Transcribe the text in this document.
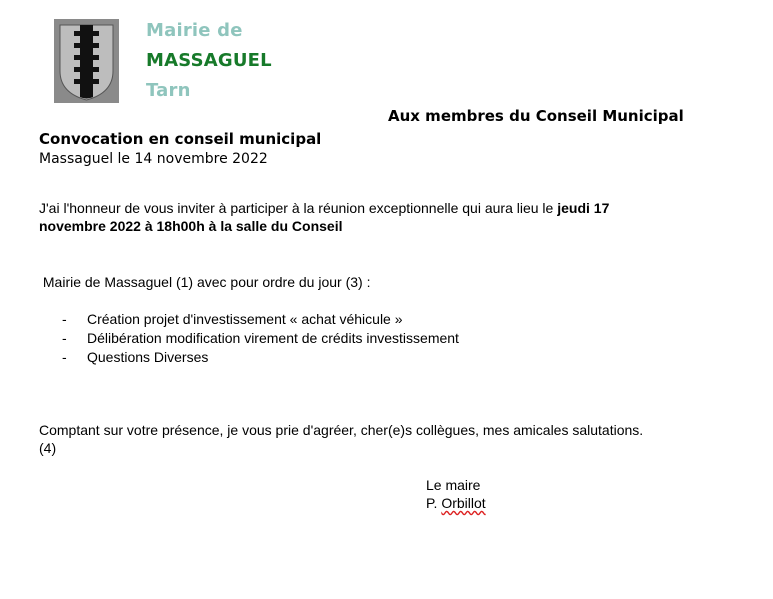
Mairie de
MASSAGUEL
Tarn
Aux membres du Conseil Municipal
Convocation en conseil municipal
Massaguel le 14 novembre 2022
J'ai l'honneur de vous inviter à participer à la réunion exceptionnelle qui aura lieu le jeudi 17
novembre 2022 à 18h00h à la salle du Conseil
Mairie de Massaguel (1) avec pour ordre du jour (3) :
- Création projet d'investissement « achat véhicule »
- Délibération modification virement de crédits investissement
- Questions Diverses
Comptant sur votre présence, je vous prie d'agréer, cher(e)s collègues, mes amicales salutations.
(4)
Le maire
P. Orbillot
